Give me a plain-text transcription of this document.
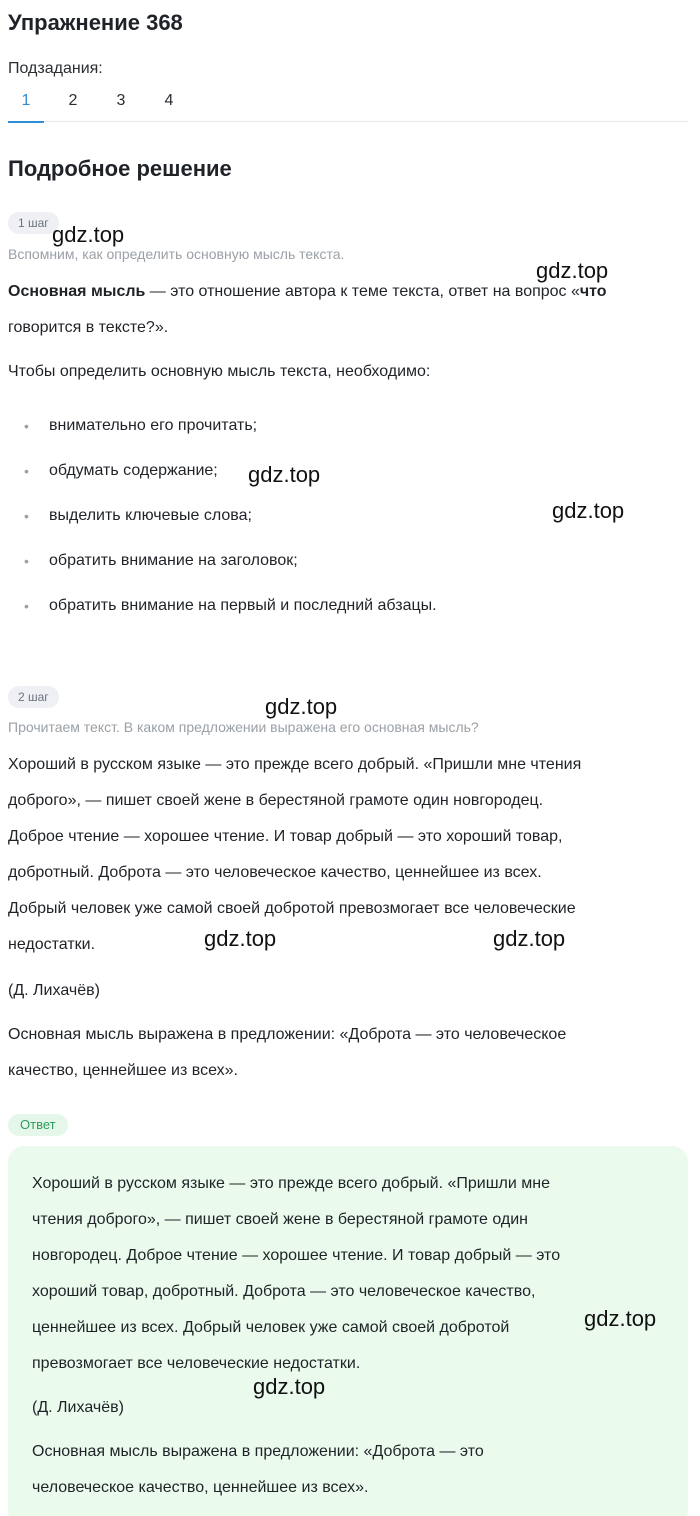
Упражнение 368
Подзадания:
1	2	3	4
Подробное решение
1 шаг
Вспомним, как определить основную мысль текста.
Основная мысль — это отношение автора к теме текста, ответ на вопрос «что
говорится в тексте?».
Чтобы определить основную мысль текста, необходимо:
• внимательно его прочитать;
• обдумать содержание;
• выделить ключевые слова;
• обратить внимание на заголовок;
• обратить внимание на первый и последний абзацы.
2 шаг
Прочитаем текст. В каком предложении выражена его основная мысль?
Хороший в русском языке — это прежде всего добрый. «Пришли мне чтения
доброго», — пишет своей жене в берестяной грамоте один новгородец.
Доброе чтение — хорошее чтение. И товар добрый — это хороший товар,
добротный. Доброта — это человеческое качество, ценнейшее из всех.
Добрый человек уже самой своей добротой превозмогает все человеческие
недостатки.
(Д. Лихачёв)
Основная мысль выражена в предложении: «Доброта — это человеческое
качество, ценнейшее из всех».
Ответ
Хороший в русском языке — это прежде всего добрый. «Пришли мне
чтения доброго», — пишет своей жене в берестяной грамоте один
новгородец. Доброе чтение — хорошее чтение. И товар добрый — это
хороший товар, добротный. Доброта — это человеческое качество,
ценнейшее из всех. Добрый человек уже самой своей добротой
превозмогает все человеческие недостатки.
(Д. Лихачёв)
Основная мысль выражена в предложении: «Доброта — это
человеческое качество, ценнейшее из всех».
gdz.top
gdz.top
gdz.top
gdz.top
gdz.top
gdz.top	gdz.top
gdz.top
gdz.top
